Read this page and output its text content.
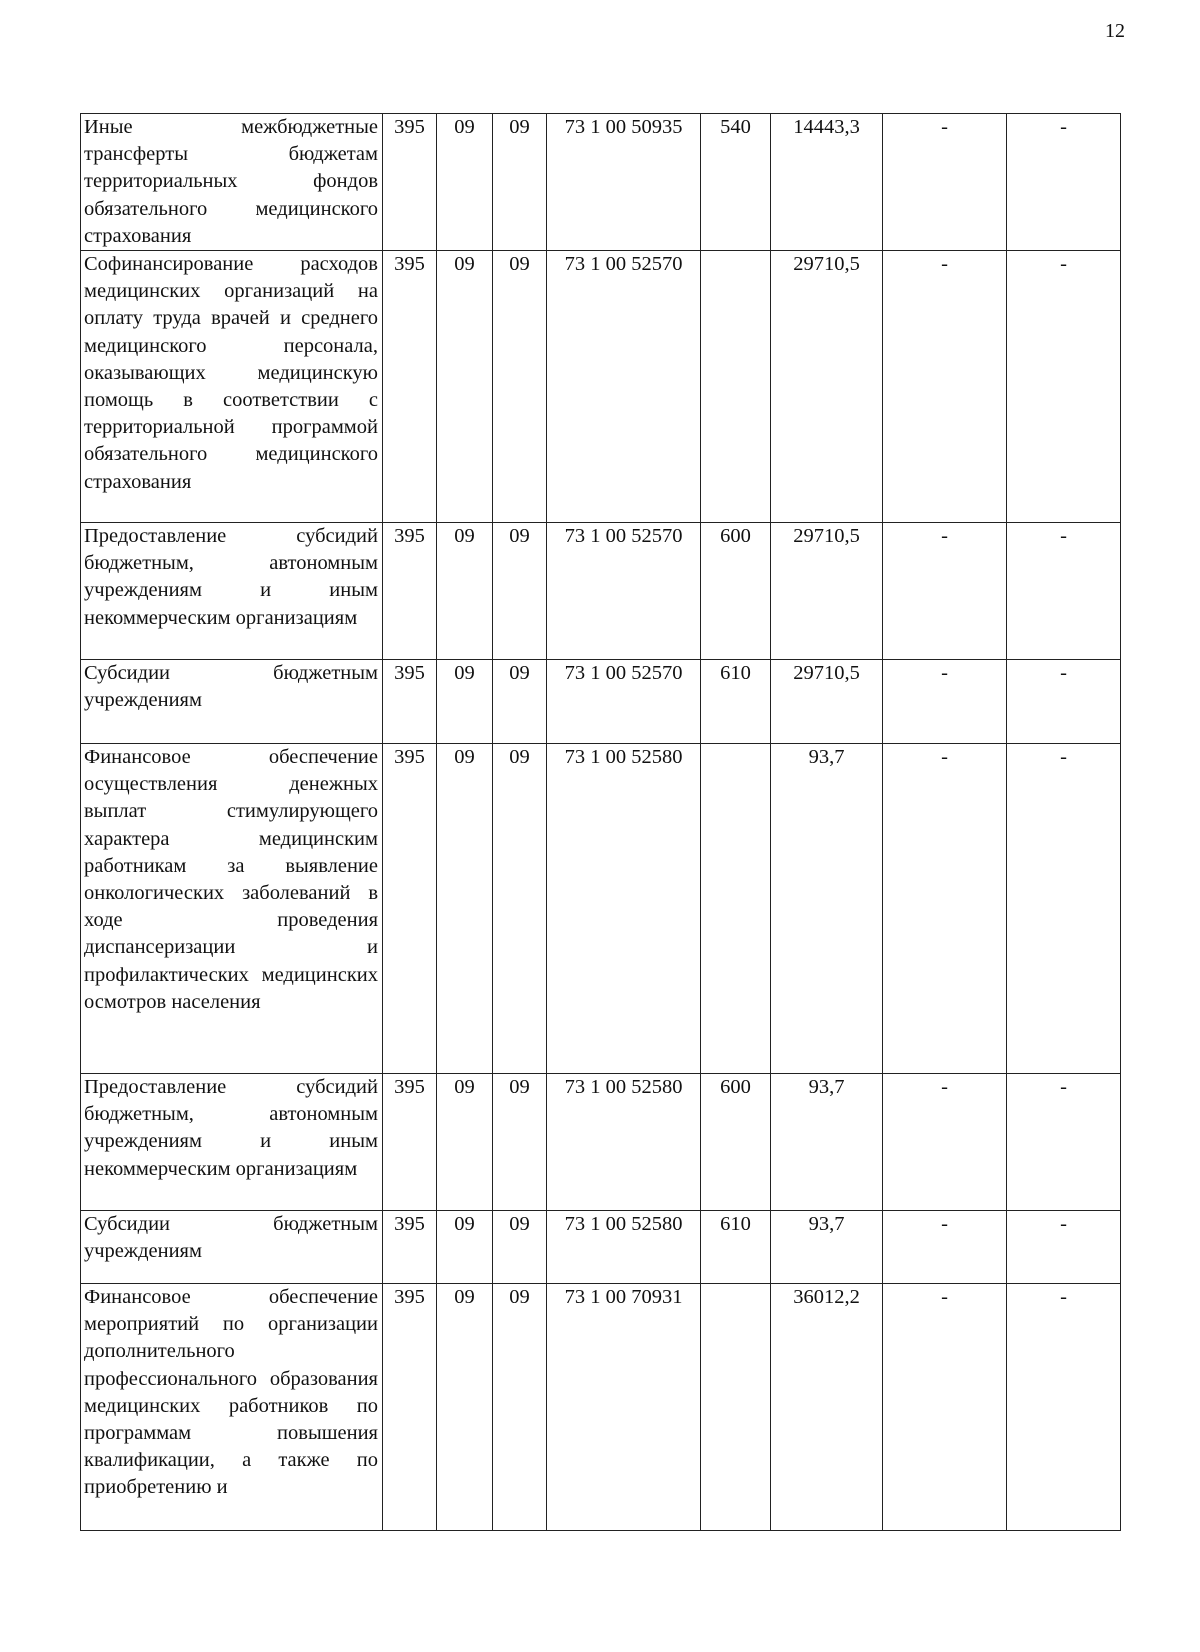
12
Иные межбюджетные трансферты бюджетам территориальных фондов обязательного медицинского страхования	395	09	09	73 1 00 50935	540	14443,3	-	-
Софинансирование расходов медицинских организаций на оплату труда врачей и среднего медицинского персонала, оказывающих медицинскую помощь в соответствии с территориальной программой обязательного медицинского страхования	395	09	09	73 1 00 52570		29710,5	-	-
Предоставление субсидий бюджетным, автономным учреждениям и иным некоммерческим организациям	395	09	09	73 1 00 52570	600	29710,5	-	-
Субсидии бюджетным учреждениям	395	09	09	73 1 00 52570	610	29710,5	-	-
Финансовое обеспечение осуществления денежных выплат стимулирующего характера медицинским работникам за выявление онкологических заболеваний в ходе проведения диспансеризации и профилактических медицинских осмотров населения	395	09	09	73 1 00 52580		93,7	-	-
Предоставление субсидий бюджетным, автономным учреждениям и иным некоммерческим организациям	395	09	09	73 1 00 52580	600	93,7	-	-
Субсидии бюджетным учреждениям	395	09	09	73 1 00 52580	610	93,7	-	-
Финансовое обеспечение мероприятий по организации дополнительного профессионального образования медицинских работников по программам повышения квалификации, а также по приобретению и	395	09	09	73 1 00 70931		36012,2	-	-
